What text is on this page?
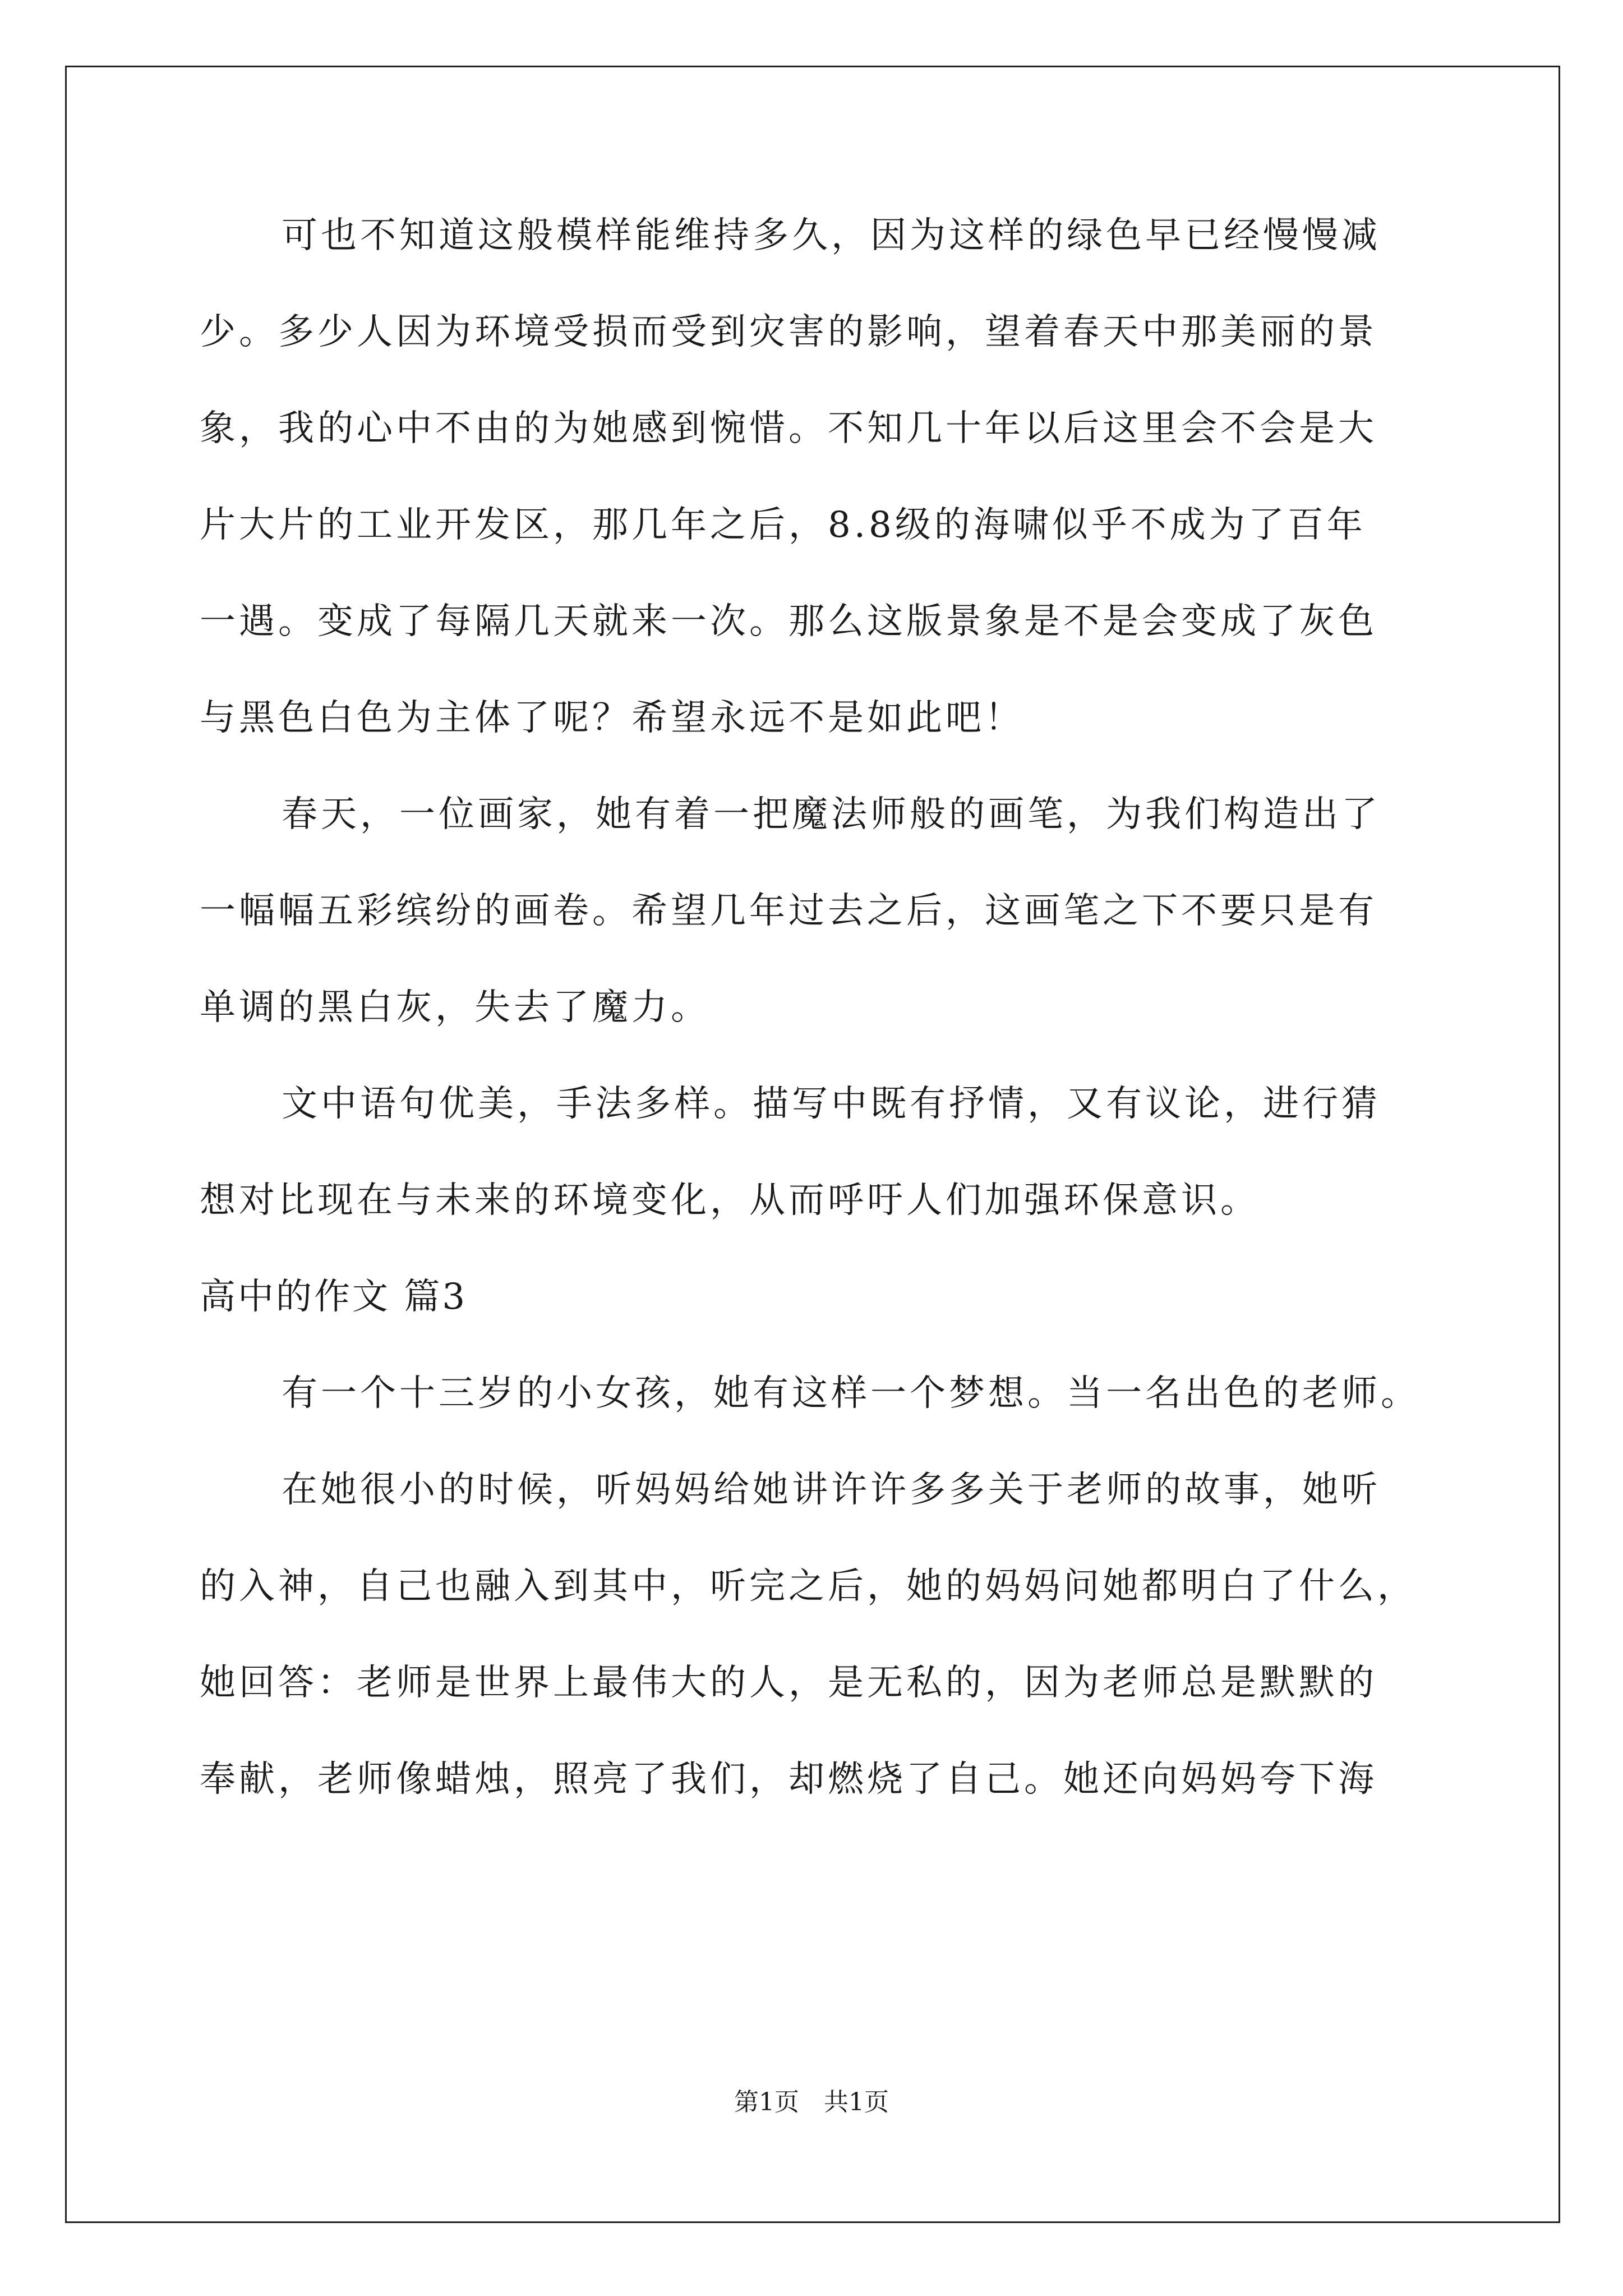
可也不知道这般模样能维持多久，因为这样的绿色早已经慢慢减
少。多少人因为环境受损而受到灾害的影响，望着春天中那美丽的景
象，我的心中不由的为她感到惋惜。不知几十年以后这里会不会是大
片大片的工业开发区，那几年之后，8.8级的海啸似乎不成为了百年
一遇。变成了每隔几天就来一次。那么这版景象是不是会变成了灰色
与黑色白色为主体了呢？希望永远不是如此吧！
春天，一位画家，她有着一把魔法师般的画笔，为我们构造出了
一幅幅五彩缤纷的画卷。希望几年过去之后，这画笔之下不要只是有
单调的黑白灰，失去了魔力。
文中语句优美，手法多样。描写中既有抒情，又有议论，进行猜
想对比现在与未来的环境变化，从而呼吁人们加强环保意识。
高中的作文 篇3
有一个十三岁的小女孩，她有这样一个梦想。当一名出色的老师。
在她很小的时候，听妈妈给她讲许许多多关于老师的故事，她听
的入神，自己也融入到其中，听完之后，她的妈妈问她都明白了什么，
她回答：老师是世界上最伟大的人，是无私的，因为老师总是默默的
奉献，老师像蜡烛，照亮了我们，却燃烧了自己。她还向妈妈夸下海
第1页　共1页
